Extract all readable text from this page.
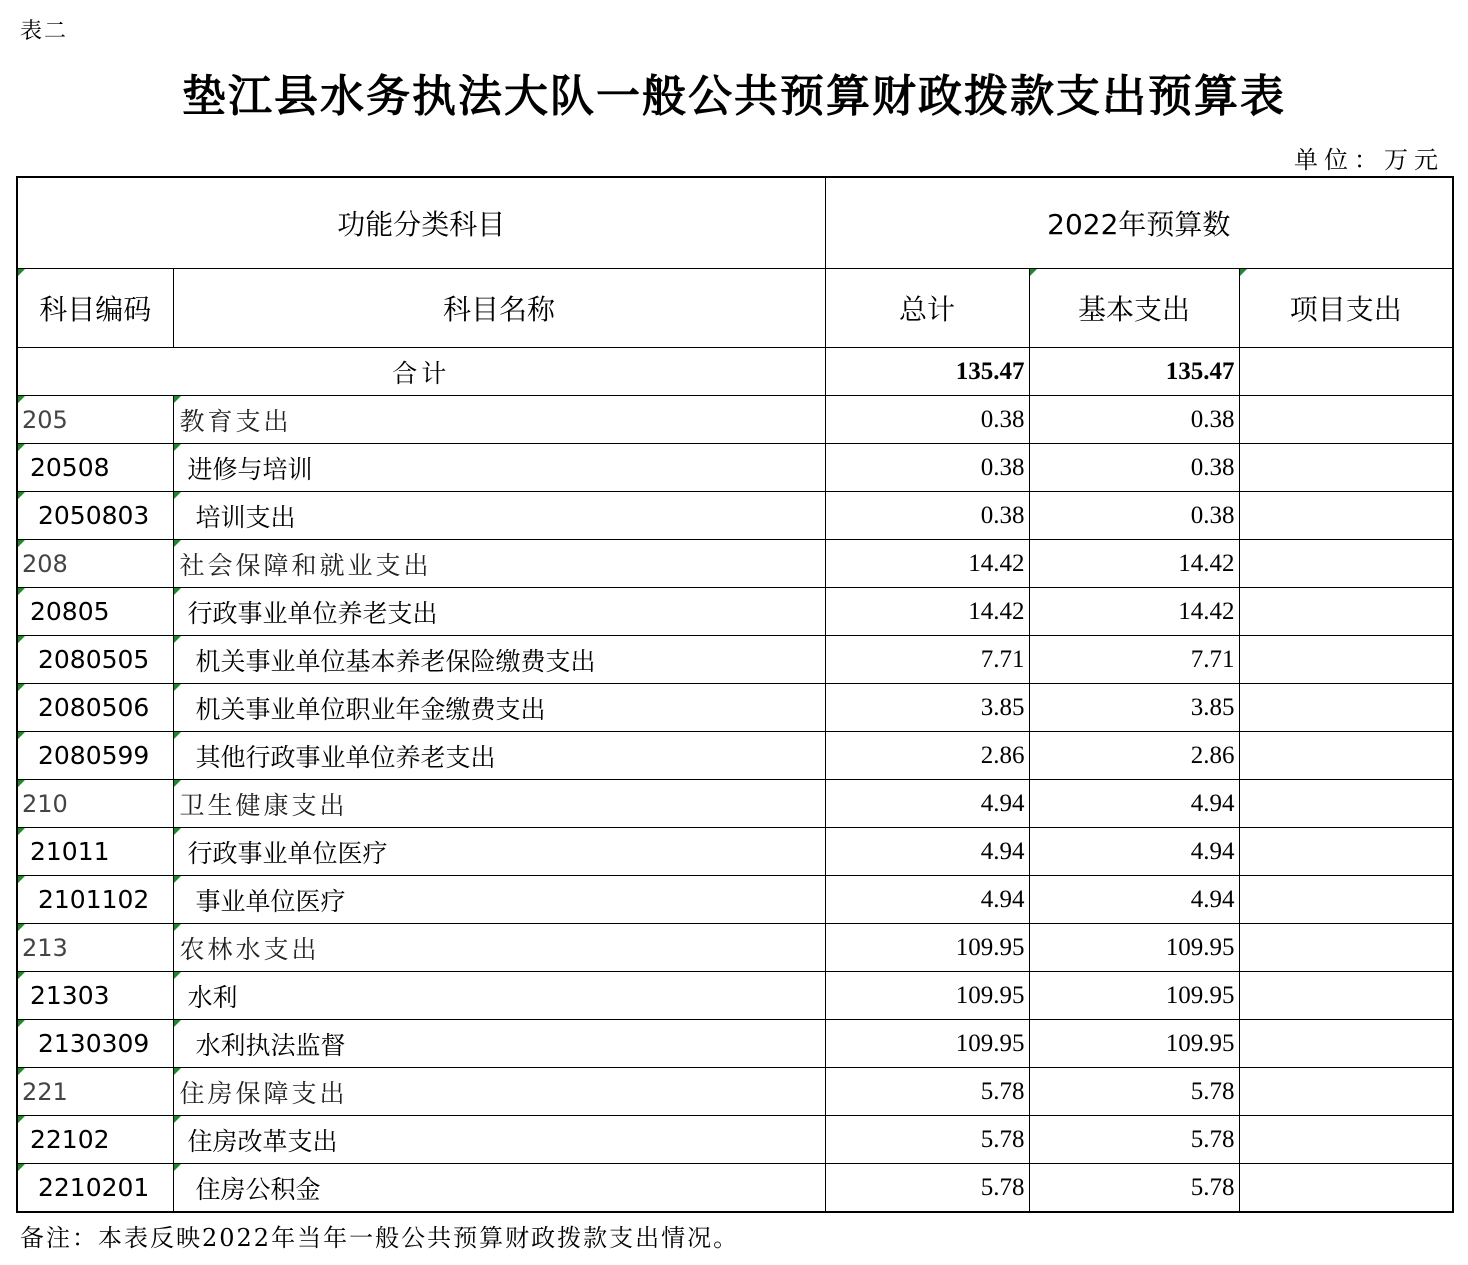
表二
垫江县水务执法大队一般公共预算财政拨款支出预算表
单位：万元
功能分类科目		2022年预算数		
科目编码	科目名称	总计	基本支出	项目支出
合计		135.47	135.47	
205	教育支出	0.38	0.38	
20508	进修与培训	0.38	0.38	
2050803	培训支出	0.38	0.38	
208	社会保障和就业支出	14.42	14.42	
20805	行政事业单位养老支出	14.42	14.42	
2080505	机关事业单位基本养老保险缴费支出	7.71	7.71	
2080506	机关事业单位职业年金缴费支出	3.85	3.85	
2080599	其他行政事业单位养老支出	2.86	2.86	
210	卫生健康支出	4.94	4.94	
21011	行政事业单位医疗	4.94	4.94	
2101102	事业单位医疗	4.94	4.94	
213	农林水支出	109.95	109.95	
21303	水利	109.95	109.95	
2130309	水利执法监督	109.95	109.95	
221	住房保障支出	5.78	5.78	
22102	住房改革支出	5.78	5.78	
2210201	住房公积金	5.78	5.78	
备注：本表反映2022年当年一般公共预算财政拨款支出情况。
